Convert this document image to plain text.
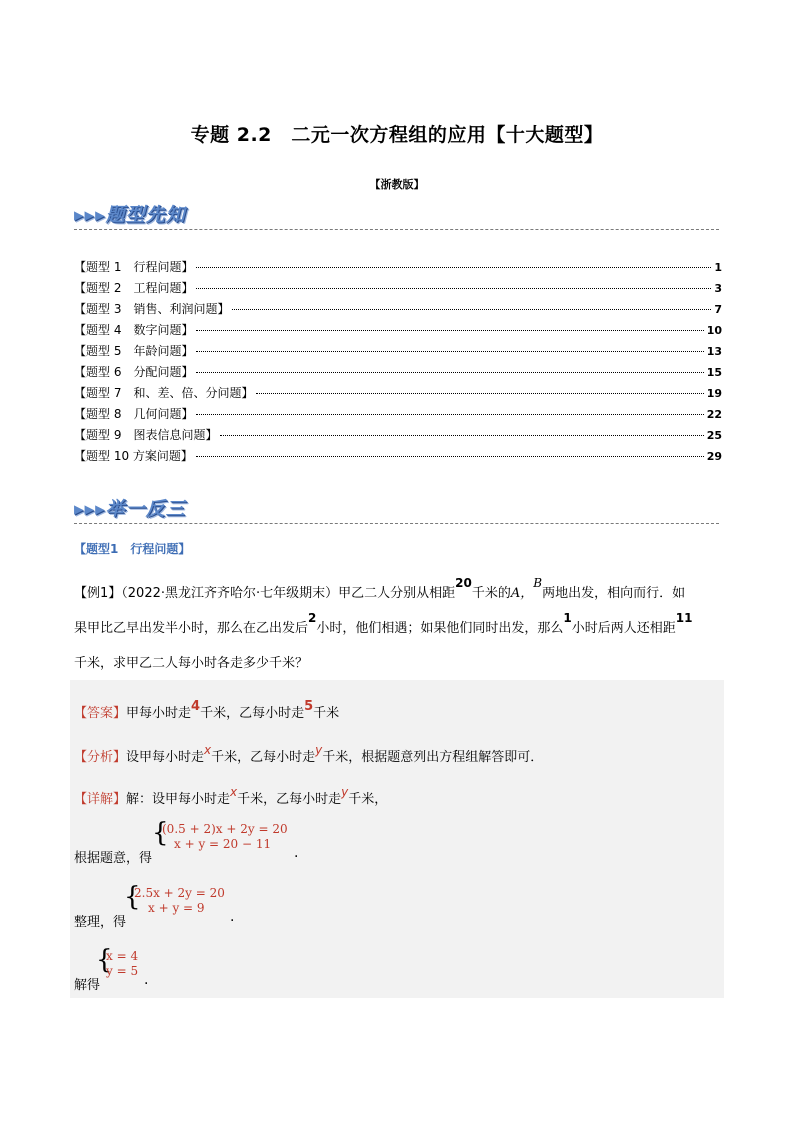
专题 2.2　二元一次方程组的应用【十大题型】
【浙教版】
▸▸▸题型先知
【题型 1　行程问题】	1
【题型 2　工程问题】	3
【题型 3　销售、利润问题】	7
【题型 4　数字问题】	10
【题型 5　年龄问题】	13
【题型 6　分配问题】	15
【题型 7　和、差、倍、分问题】	19
【题型 8　几何问题】	22
【题型 9　图表信息问题】	25
【题型 10 方案问题】	29
▸▸▸举一反三
【题型1　行程问题】
【例1】（2022·黑龙江齐齐哈尔·七年级期末）甲乙二人分别从相距20千米的A，B两地出发，相向而行．如
果甲比乙早出发半小时，那么在乙出发后2小时，他们相遇；如果他们同时出发，那么1小时后两人还相距11
千米，求甲乙二人每小时各走多少千米？
【答案】甲每小时走4千米，乙每小时走5千米
【分析】设甲每小时走x千米，乙每小时走y千米，根据题意列出方程组解答即可．
【详解】解：设甲每小时走x千米，乙每小时走y千米，
根据题意，得
{
(0.5 + 2)x + 2y = 20
x + y = 20 − 11
.
整理，得
{
2.5x + 2y = 20
x + y = 9
.
解得
{
x = 4
y = 5
.
